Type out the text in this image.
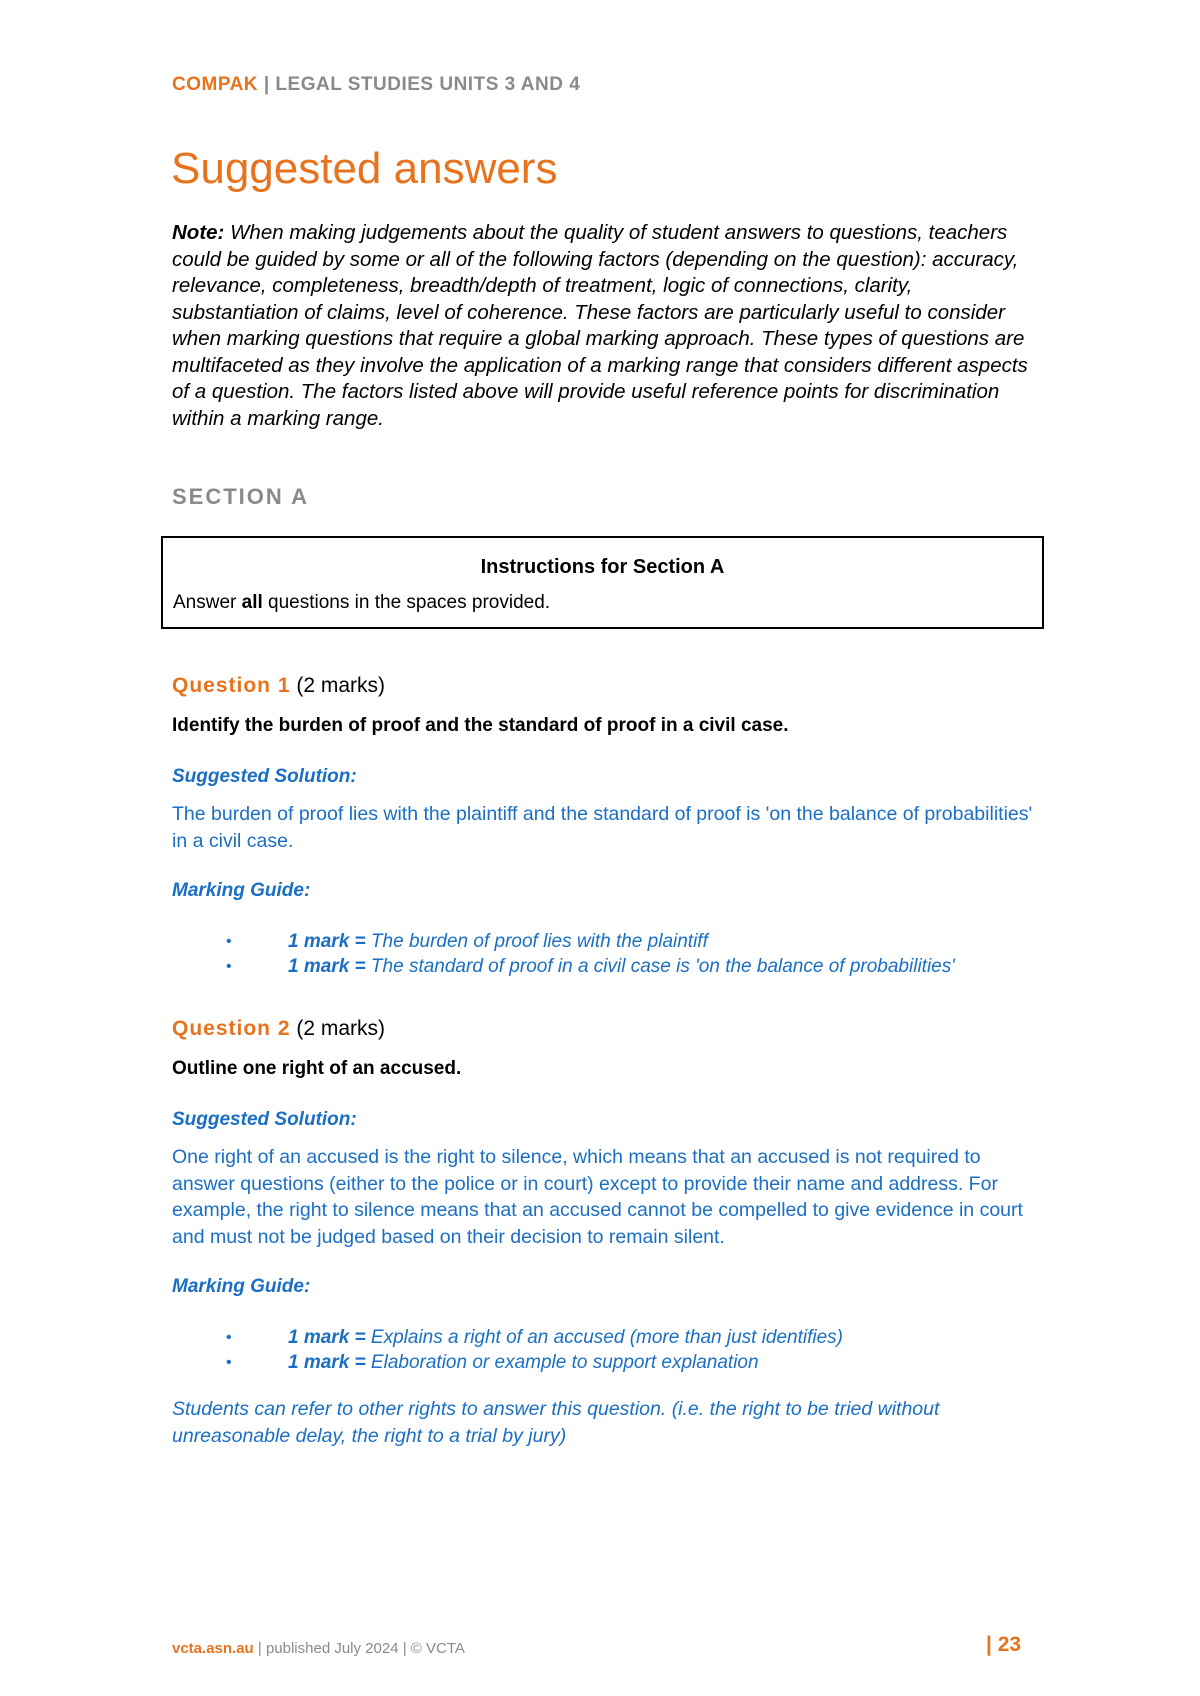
COMPAK | LEGAL STUDIES UNITS 3 AND 4
Suggested answers

Note: When making judgements about the quality of student answers to questions, teachers could be guided by some or all of the following factors (depending on the question): accuracy, relevance, completeness, breadth/depth of treatment, logic of connections, clarity, substantiation of claims, level of coherence. These factors are particularly useful to consider when marking questions that require a global marking approach. These types of questions are multifaceted as they involve the application of a marking range that considers different aspects of a question. The factors listed above will provide useful reference points for discrimination within a marking range.

SECTION A
Instructions for Section A
Answer all questions in the spaces provided.

Question 1 (2 marks)

Identify the burden of proof and the standard of proof in a civil case.

Suggested Solution:

The burden of proof lies with the plaintiff and the standard of proof is 'on the balance of probabilities' in a civil case.

Marking Guide:

•	1 mark = The burden of proof lies with the plaintiff
•	1 mark = The standard of proof in a civil case is 'on the balance of probabilities'

Question 2 (2 marks)

Outline one right of an accused.

Suggested Solution:

One right of an accused is the right to silence, which means that an accused is not required to answer questions (either to the police or in court) except to provide their name and address. For example, the right to silence means that an accused cannot be compelled to give evidence in court and must not be judged based on their decision to remain silent.

Marking Guide:

•	1 mark = Explains a right of an accused (more than just identifies)
•	1 mark = Elaboration or example to support explanation

Students can refer to other rights to answer this question. (i.e. the right to be tried without unreasonable delay, the right to a trial by jury)

vcta.asn.au | published July 2024 | © VCTA	| 23
